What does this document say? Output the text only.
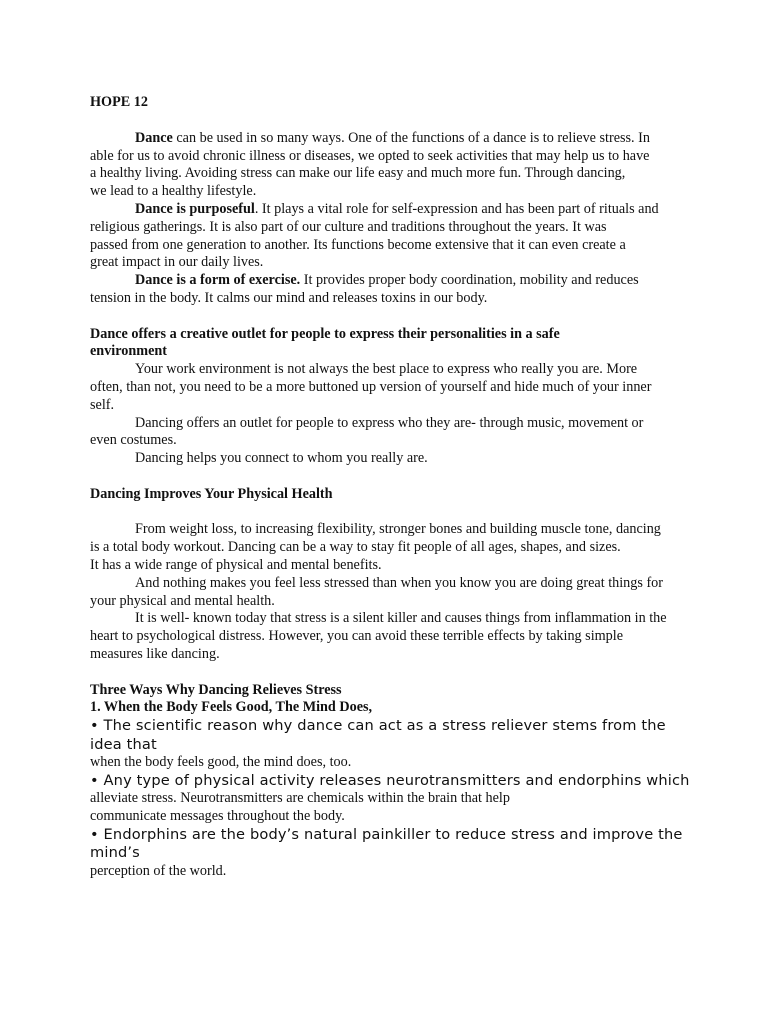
HOPE 12

Dance can be used in so many ways. One of the functions of a dance is to relieve stress. In

able for us to avoid chronic illness or diseases, we opted to seek activities that may help us to have

a healthy living. Avoiding stress can make our life easy and much more fun. Through dancing,

we lead to a healthy lifestyle.

Dance is purposeful. It plays a vital role for self-expression and has been part of rituals and

religious gatherings. It is also part of our culture and traditions throughout the years. It was

passed from one generation to another. Its functions become extensive that it can even create a

great impact in our daily lives.

Dance is a form of exercise. It provides proper body coordination, mobility and reduces

tension in the body. It calms our mind and releases toxins in our body.

Dance offers a creative outlet for people to express their personalities in a safe

environment

Your work environment is not always the best place to express who really you are. More

often, than not, you need to be a more buttoned up version of yourself and hide much of your inner

self.

Dancing offers an outlet for people to express who they are- through music, movement or

even costumes.

Dancing helps you connect to whom you really are.

Dancing Improves Your Physical Health

From weight loss, to increasing flexibility, stronger bones and building muscle tone, dancing

is a total body workout. Dancing can be a way to stay fit people of all ages, shapes, and sizes.

It has a wide range of physical and mental benefits.

And nothing makes you feel less stressed than when you know you are doing great things for

your physical and mental health.

It is well- known today that stress is a silent killer and causes things from inflammation in the

heart to psychological distress. However, you can avoid these terrible effects by taking simple

measures like dancing.

Three Ways Why Dancing Relieves Stress

1. When the Body Feels Good, The Mind Does,

• The scientific reason why dance can act as a stress reliever stems from the

idea that

when the body feels good, the mind does, too.

• Any type of physical activity releases neurotransmitters and endorphins which

alleviate stress. Neurotransmitters are chemicals within the brain that help

communicate messages throughout the body.

• Endorphins are the body’s natural painkiller to reduce stress and improve the

mind’s

perception of the world.
